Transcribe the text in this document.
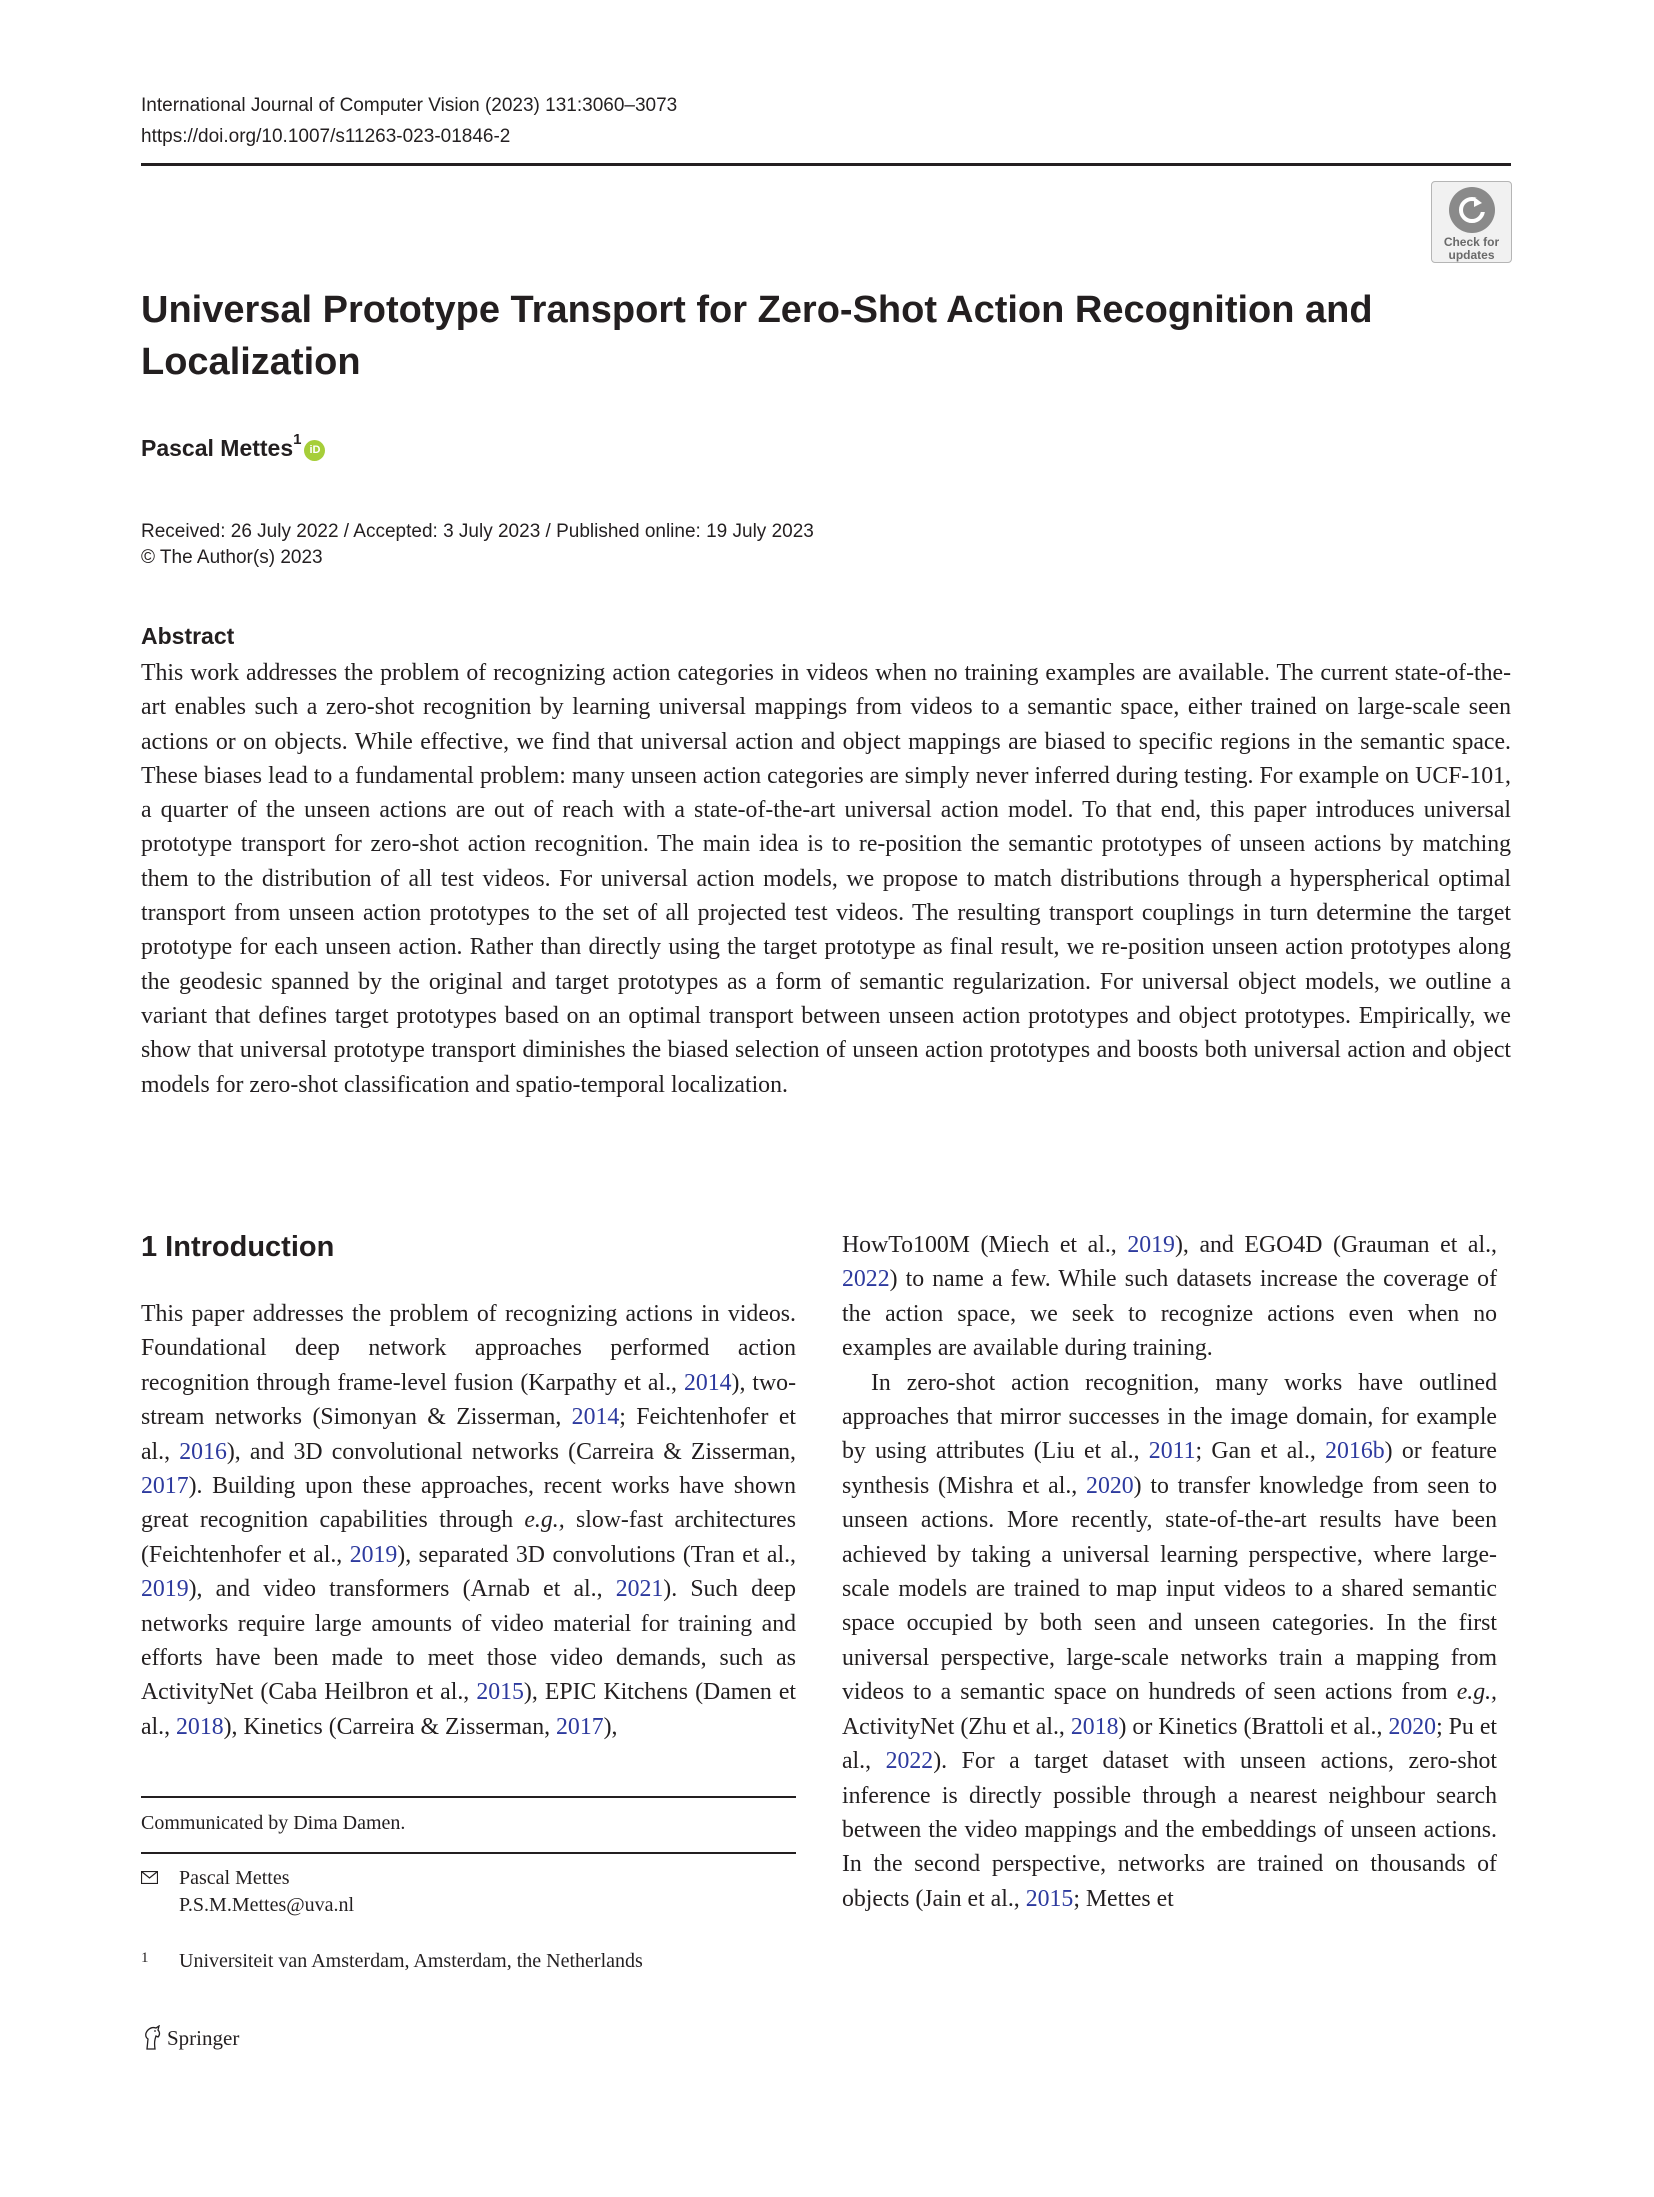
International Journal of Computer Vision (2023) 131:3060–3073
https://doi.org/10.1007/s11263-023-01846-2
Check for
updates
Universal Prototype Transport for Zero-Shot Action Recognition and Localization
Pascal Mettes$^1$
iD
Received: 26 July 2022 / Accepted: 3 July 2023 / Published online: 19 July 2023
© The Author(s) 2023
Abstract

This work addresses the problem of recognizing action categories in videos when no training examples are available. The current state-of-the-art enables such a zero-shot recognition by learning universal mappings from videos to a semantic space, either trained on large-scale seen actions or on objects. While effective, we find that universal action and object mappings are biased to specific regions in the semantic space. These biases lead to a fundamental problem: many unseen action categories are simply never inferred during testing. For example on UCF-101, a quarter of the unseen actions are out of reach with a state-of-the-art universal action model. To that end, this paper introduces universal prototype transport for zero-shot action recognition. The main idea is to re-position the semantic prototypes of unseen actions by matching them to the distribution of all test videos. For universal action models, we propose to match distributions through a hyperspherical optimal transport from unseen action prototypes to the set of all projected test videos. The resulting transport couplings in turn determine the target prototype for each unseen action. Rather than directly using the target prototype as final result, we re-position unseen action prototypes along the geodesic spanned by the original and target prototypes as a form of semantic regularization. For universal object models, we outline a variant that defines target prototypes based on an optimal transport between unseen action prototypes and object prototypes. Empirically, we show that universal prototype transport diminishes the biased selection of unseen action prototypes and boosts both universal action and object models for zero-shot classification and spatio-temporal localization.

1 Introduction

This paper addresses the problem of recognizing actions in videos. Foundational deep network approaches performed action recognition through frame-level fusion (Karpathy et al., 2014), two-stream networks (Simonyan & Zisserman, 2014; Feichtenhofer et al., 2016), and 3D convolutional networks (Carreira & Zisserman, 2017). Building upon these approaches, recent works have shown great recognition capabilities through e.g., slow-fast architectures (Feichtenhofer et al., 2019), separated 3D convolutions (Tran et al., 2019), and video transformers (Arnab et al., 2021). Such deep networks require large amounts of video material for training and efforts have been made to meet those video demands, such as ActivityNet (Caba Heilbron et al., 2015), EPIC Kitchens (Damen et al., 2018), Kinetics (Carreira & Zisserman, 2017),

HowTo100M (Miech et al., 2019), and EGO4D (Grauman et al., 2022) to name a few. While such datasets increase the coverage of the action space, we seek to recognize actions even when no examples are available during training.

In zero-shot action recognition, many works have outlined approaches that mirror successes in the image domain, for example by using attributes (Liu et al., 2011; Gan et al., 2016b) or feature synthesis (Mishra et al., 2020) to transfer knowledge from seen to unseen actions. More recently, state-of-the-art results have been achieved by taking a universal learning perspective, where large-scale models are trained to map input videos to a shared semantic space occupied by both seen and unseen categories. In the first universal perspective, large-scale networks train a mapping from videos to a semantic space on hundreds of seen actions from e.g., ActivityNet (Zhu et al., 2018) or Kinetics (Brattoli et al., 2020; Pu et al., 2022). For a target dataset with unseen actions, zero-shot inference is directly possible through a nearest neighbour search between the video mappings and the embeddings of unseen actions. In the second perspective, networks are trained on thousands of objects (Jain et al., 2015; Mettes et

Communicated by Dima Damen.
Pascal Mettes
P.S.M.Mettes@uva.nl
1	Universiteit van Amsterdam, Amsterdam, the Netherlands
Springer
